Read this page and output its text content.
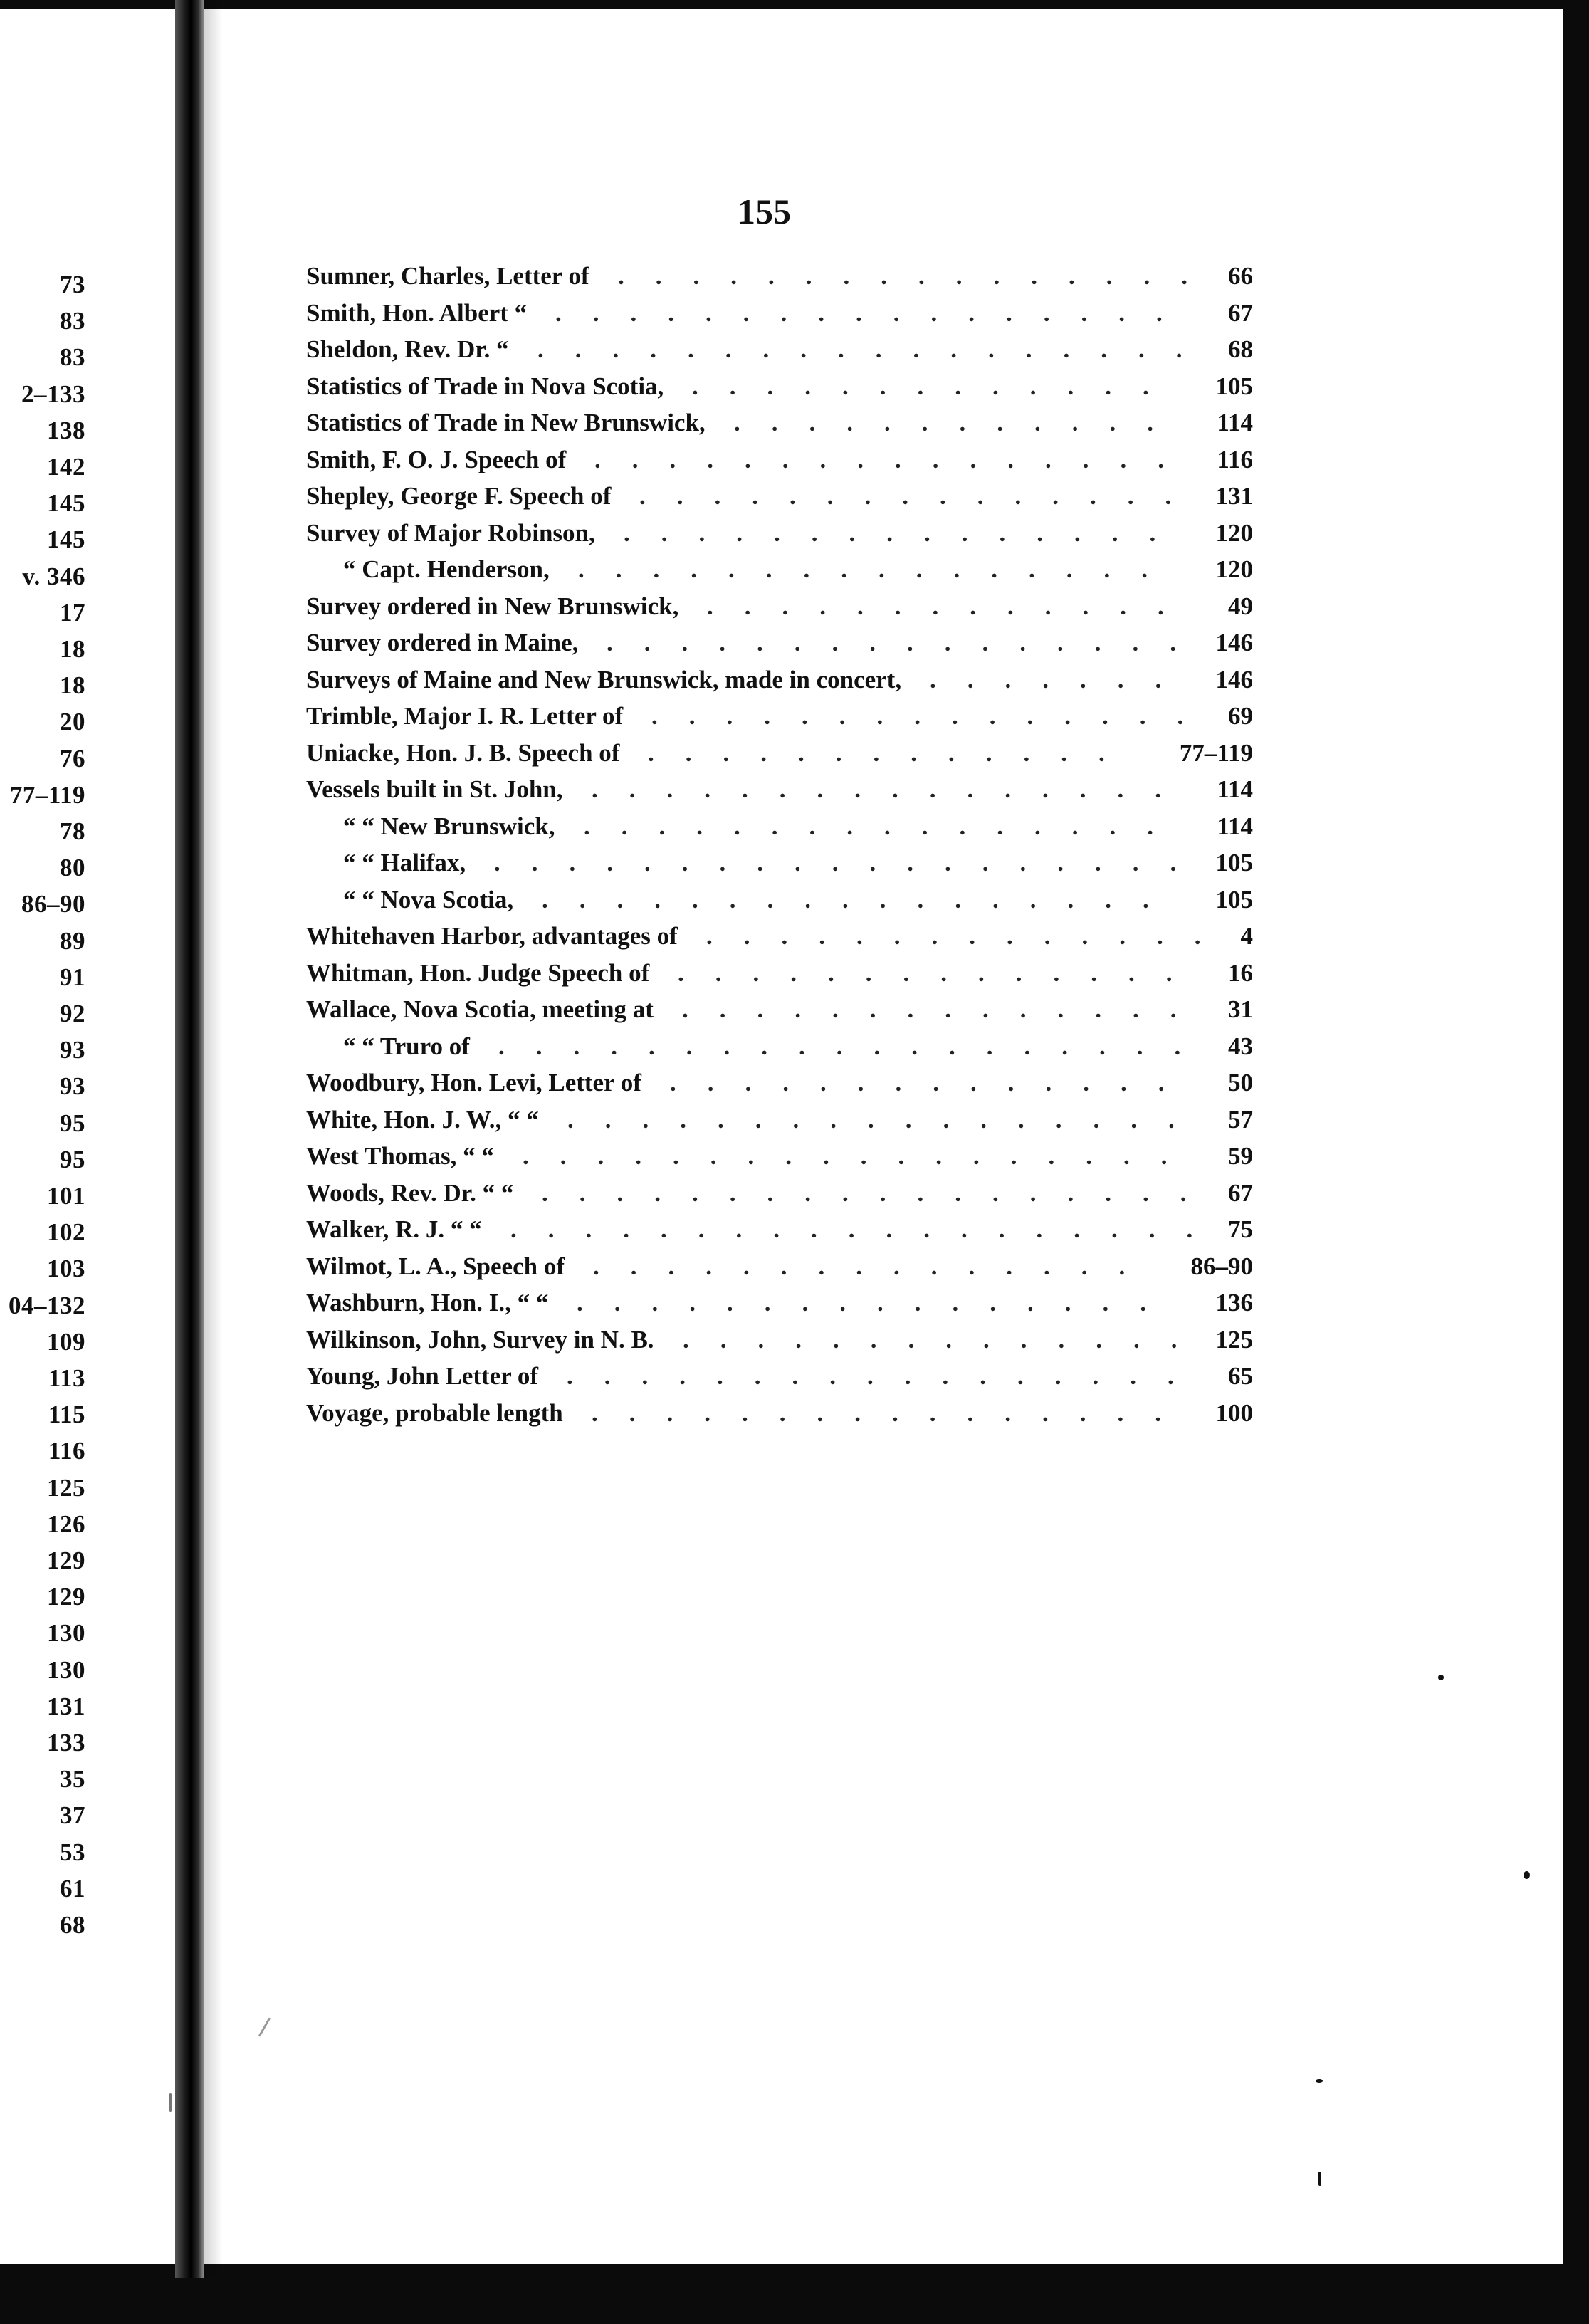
73
83
83
2–133
138
142
145
145
v. 346
17
18
18
20
76
77–119
78
80
86–90
89
91
92
93
93
95
95
101
102
103
04–132
109
113
115
116
125
126
129
129
130
130
131
133
35
37
53
61
68
155
Sumner, Charles, Letter of ................ 66
Smith, Hon. Albert “ ................. 67
Sheldon, Rev. Dr. “ .................. 68
Statistics of Trade in Nova Scotia, ............. 105
Statistics of Trade in New Brunswick, ............ 114
Smith, F. O. J. Speech of ................ 116
Shepley, George F. Speech of ............... 131
Survey of Major Robinson, ............... 120
“ Capt. Henderson, ................ 120
Survey ordered in New Brunswick, ............. 49
Survey ordered in Maine, ................ 146
Surveys of Maine and New Brunswick, made in concert, ....... 146
Trimble, Major I. R. Letter of ............... 69
Uniacke, Hon. J. B. Speech of ............. 77–119
Vessels built in St. John, ................ 114
“ “ New Brunswick, ................ 114
“ “ Halifax, ................... 105
“ “ Nova Scotia, ................. 105
Whitehaven Harbor, advantages of .............. 4
Whitman, Hon. Judge Speech of .............. 16
Wallace, Nova Scotia, meeting at .............. 31
“ “ Truro of ................... 43
Woodbury, Hon. Levi, Letter of .............. 50
White, Hon. J. W., “ “ ................. 57
West Thomas, “ “ .................. 59
Woods, Rev. Dr. “ “ .................. 67
Walker, R. J. “ “ ................... 75
Wilmot, L. A., Speech of ............... 86–90
Washburn, Hon. I., “ “ ................ 136
Wilkinson, John, Survey in N. B. .............. 125
Young, John Letter of ................. 65
Voyage, probable length ................ 100
